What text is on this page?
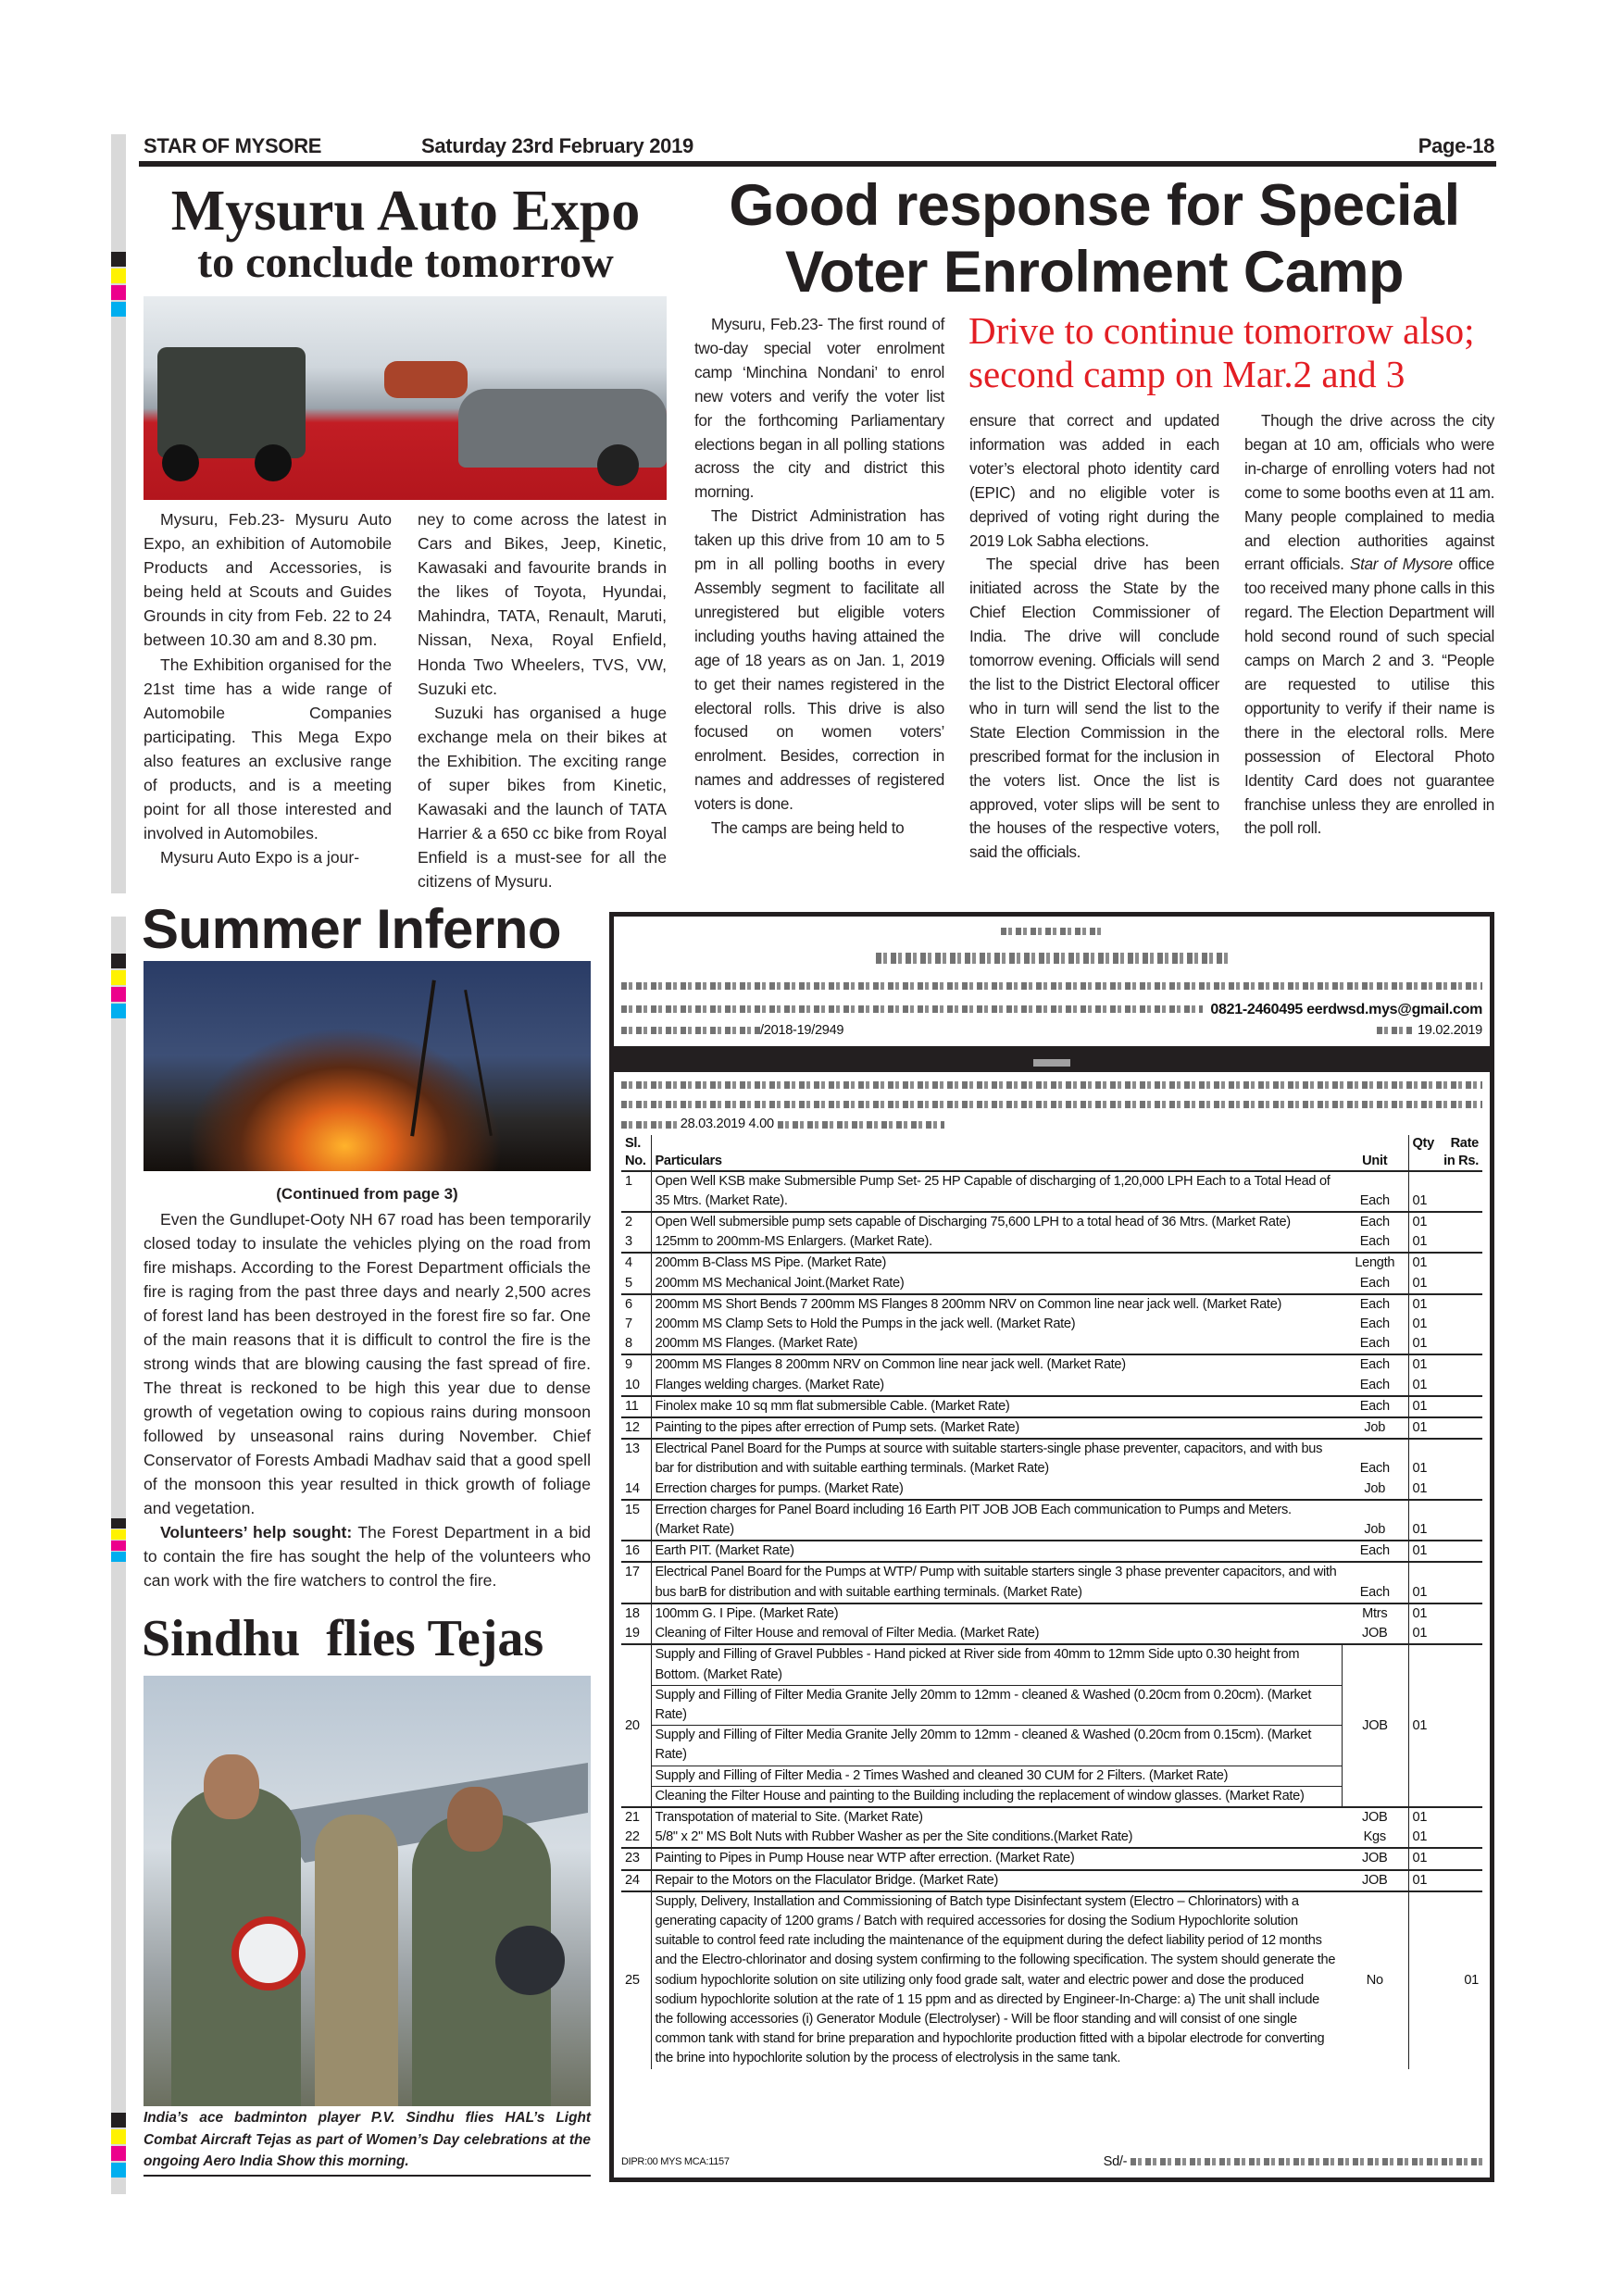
STAR OF MYSORE	Saturday 23rd February 2019	Page-18
Mysuru Auto Expo
to conclude tomorrow

Mysuru, Feb.23- Mysuru Auto Expo, an exhibition of Automobile Products and Accessories, is being held at Scouts and Guides Grounds in city from Feb. 22 to 24 between 10.30 am and 8.30 pm.

The Exhibition organised for the 21st time has a wide range of Automobile Companies participating. This Mega Expo also features an exclusive range of products, and is a meeting point for all those interested and involved in Automobiles.

Mysuru Auto Expo is a jour-

ney to come across the latest in Cars and Bikes, Jeep, Kinetic, Kawasaki and favourite brands in the likes of Toyota, Hyundai, Mahindra, TATA, Renault, Maruti, Nissan, Nexa, Royal Enfield, Honda Two Wheelers, TVS, VW, Suzuki etc.

Suzuki has organised a huge exchange mela on their bikes at the Exhibition. The exciting range of super bikes from Kinetic, Kawasaki and the launch of TATA Harrier & a 650 cc bike from Royal Enfield is a must-see for all the citizens of Mysuru.

Good response for Special
Voter Enrolment Camp
Drive to continue tomorrow also;
second camp on Mar.2 and 3

Mysuru, Feb.23- The first round of two-day special voter enrolment camp ‘Minchina Nondani’ to enrol new voters and verify the voter list for the forthcoming Parliamentary elections began in all polling stations across the city and district this morning.

The District Administration has taken up this drive from 10 am to 5 pm in all polling booths in every Assembly segment to facilitate all unregistered but eligible voters including youths having attained the age of 18 years as on Jan. 1, 2019 to get their names registered in the electoral rolls. This drive is also focused on women voters’ enrolment. Besides, correction in names and addresses of registered voters is done.

The camps are being held to

ensure that correct and updated information was added in each voter’s electoral photo identity card (EPIC) and no eligible voter is deprived of voting right during the 2019 Lok Sabha elections.

The special drive has been initiated across the State by the Chief Election Commissioner of India. The drive will conclude tomorrow evening. Officials will send the list to the District Electoral officer who in turn will send the list to the State Election Commission in the prescribed format for the inclusion in the voters list. Once the list is approved, voter slips will be sent to the houses of the respective voters, said the officials.

Though the drive across the city began at 10 am, officials who were in-charge of enrolling voters had not come to some booths even at 11 am. Many people complained to media and election authorities against errant officials. Star of Mysore office too received many phone calls in this regard. The Election Department will hold second round of such special camps on March 2 and 3. “People are requested to utilise this opportunity to verify if their name is there in the electoral rolls. Mere possession of Electoral Photo Identity Card does not guarantee franchise unless they are enrolled in the poll roll.

Summer Inferno
(Continued from page 3)

Even the Gundlupet-Ooty NH 67 road has been temporarily closed today to insulate the vehicles plying on the road from fire mishaps. According to the Forest Department officials the fire is raging from the past three days and nearly 2,500 acres of forest land has been destroyed in the forest fire so far. One of the main reasons that it is difficult to control the fire is the strong winds that are blowing causing the fast spread of fire. The threat is reckoned to be high this year due to dense growth of vegetation owing to copious rains during monsoon followed by unseasonal rains during November. Chief Conservator of Forests Ambadi Madhav said that a good spell of the monsoon this year resulted in thick growth of foliage and vegetation.

Volunteers’ help sought: The Forest Department in a bid to contain the fire has sought the help of the volunteers who can work with the fire watchers to control the fire.

Sindhu  flies Tejas
India’s ace badminton player P.V. Sindhu flies HAL’s Light Combat Aircraft Tejas as part of Women’s Day celebrations at the ongoing Aero India Show this morning.
0821-2460495 eerdwsd.mys@gmail.com
/2018-19/2949	19.02.2019

28.03.2019 4.00
Sl. No.	Particulars	Unit	Qty Rate in Rs.

1	Open Well KSB make Submersible Pump Set- 25 HP Capable of discharging of 1,20,000 LPH Each to a Total Head of 35 Mtrs. (Market Rate).	Each	01
2	Open Well submersible pump sets capable of Discharging 75,600 LPH to a total head of 36 Mtrs. (Market Rate)	Each	01
3	125mm to 200mm-MS Enlargers. (Market Rate).	Each	01
4	200mm B-Class MS Pipe. (Market Rate)	Length	01
5	200mm MS Mechanical Joint.(Market Rate)	Each	01
6	200mm MS Short Bends 7 200mm MS Flanges 8 200mm NRV on Common line near jack well. (Market Rate)	Each	01
7	200mm MS Clamp Sets to Hold the Pumps in the jack well. (Market Rate)	Each	01
8	200mm MS Flanges. (Market Rate)	Each	01
9	200mm MS Flanges 8 200mm NRV on Common line near jack well. (Market Rate)	Each	01
10	Flanges welding charges. (Market Rate)	Each	01
11	Finolex make 10 sq mm flat submersible Cable. (Market Rate)	Each	01
12	Painting to the pipes after errection of Pump sets. (Market Rate)	Job	01
13	Electrical Panel Board for the Pumps at source with suitable starters-single phase preventer, capacitors, and with bus bar for distribution and with suitable earthing terminals. (Market Rate)	Each	01
14	Errection charges for pumps. (Market Rate)	Job	01
15	Errection charges for Panel Board including 16 Earth PIT JOB JOB Each communication to Pumps and Meters. (Market Rate)	Job	01
16	Earth PIT. (Market Rate)	Each	01
17	Electrical Panel Board for the Pumps at WTP/ Pump with suitable starters single 3 phase preventer capacitors, and with bus barB for distribution and with suitable earthing terminals. (Market Rate)	Each	01
18	100mm G. I Pipe. (Market Rate)	Mtrs	01
19	Cleaning of Filter House and removal of Filter Media. (Market Rate)	JOB	01
20	Supply and Filling of Gravel Pubbles - Hand picked at River side from 40mm to 12mm Side upto 0.30 height from Bottom. (Market Rate)	JOB	01
	Supply and Filling of Filter Media Granite Jelly 20mm to 12mm - cleaned & Washed (0.20cm from 0.20cm). (Market Rate)		
	Supply and Filling of Filter Media Granite Jelly 20mm to 12mm - cleaned & Washed (0.20cm from 0.15cm). (Market Rate)		
	Supply and Filling of Filter Media - 2 Times Washed and cleaned 30 CUM for 2 Filters. (Market Rate)		
	Cleaning the Filter House and painting to the Building including the replacement of window glasses. (Market Rate)		
21	Transpotation of material to Site. (Market Rate)	JOB	01
22	5/8" x 2" MS Bolt Nuts with Rubber Washer as per the Site conditions.(Market Rate)	Kgs	01
23	Painting to Pipes in Pump House near WTP after errection. (Market Rate)	JOB	01
24	Repair to the Motors on the Flaculator Bridge. (Market Rate)	JOB	01
25	Supply, Delivery, Installation and Commissioning of Batch type Disinfectant system (Electro – Chlorinators) with a generating capacity of 1200 grams / Batch with required accessories for dosing the Sodium Hypochlorite solution suitable to control feed rate including the maintenance of the equipment during the defect liability period of 12 months and the Electro-chlorinator and dosing system confirming to the following specification. The system should generate the sodium hypochlorite solution on site utilizing only food grade salt, water and electric power and dose the produced sodium hypochlorite solution at the rate of 1 15 ppm and as directed by Engineer-In-Charge: a) The unit shall include the following accessories (i) Generator Module (Electrolyser) - Will be floor standing and will consist of one single common tank with stand for brine preparation and hypochlorite production fitted with a bipolar electrode for converting the brine into hypochlorite solution by the process of electrolysis in the same tank.	No	01
DIPR:00 MYS MCA:1157	Sd/-
